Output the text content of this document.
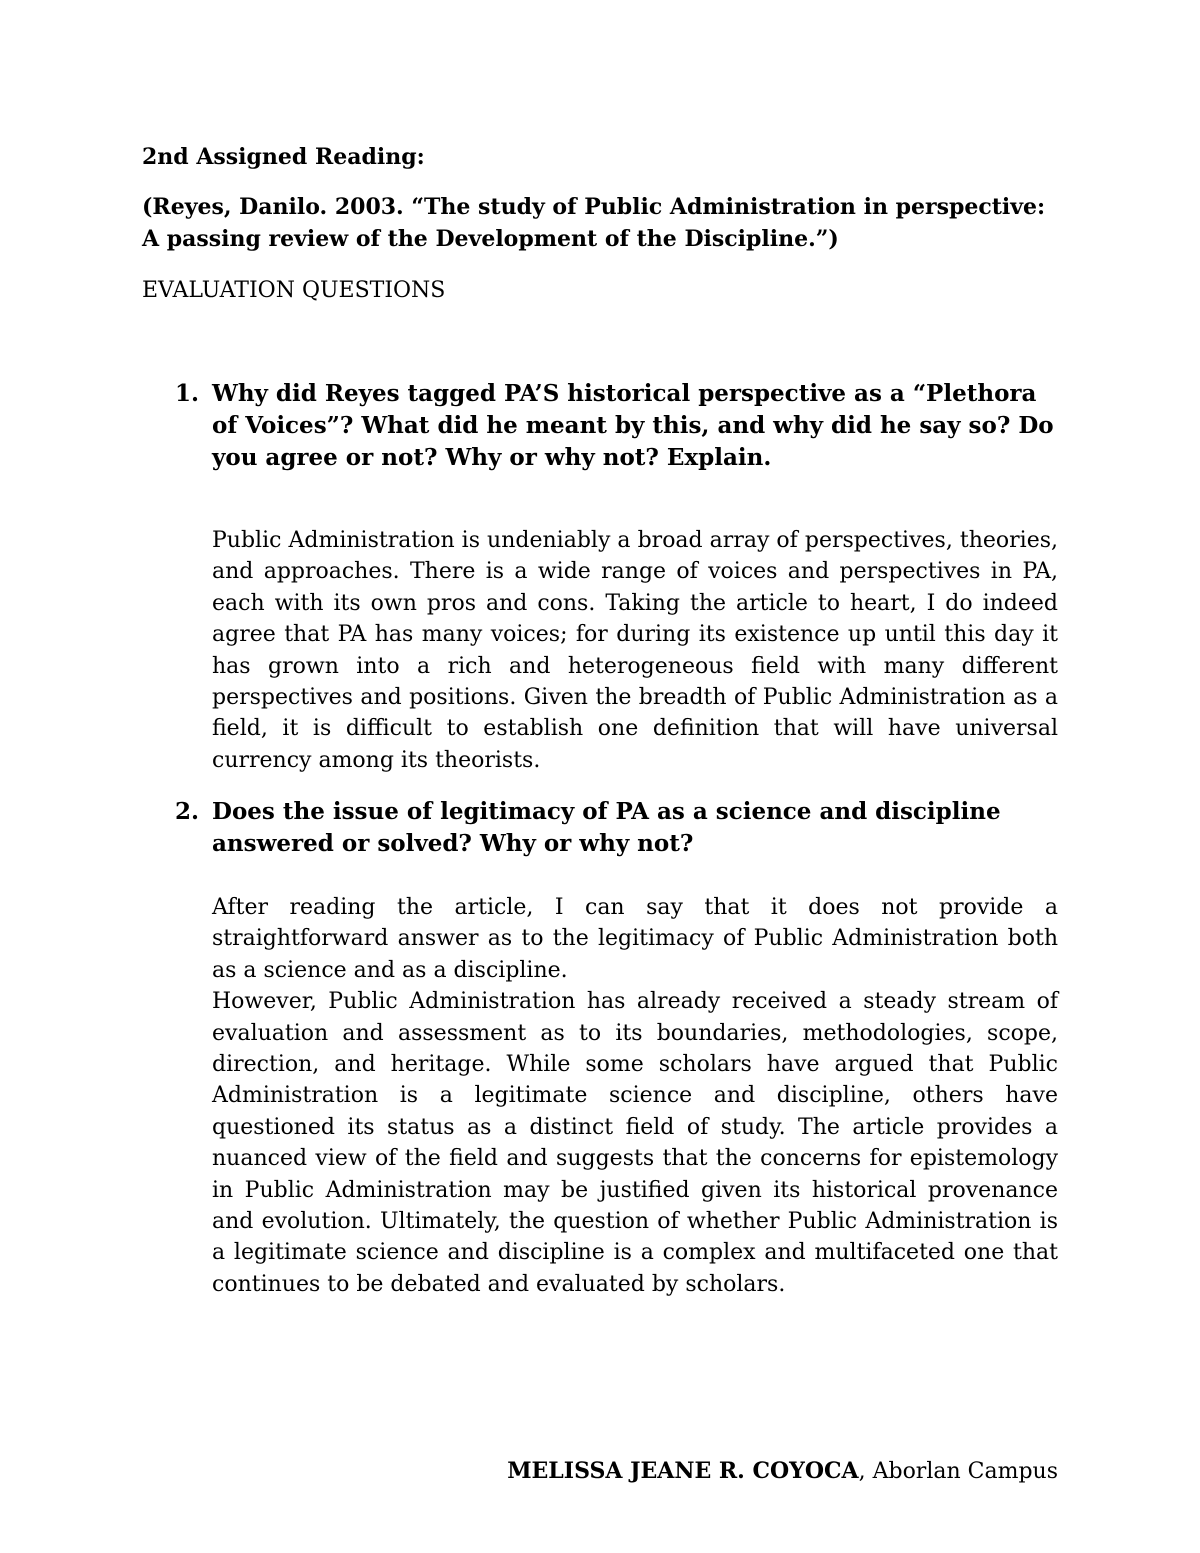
2nd Assigned Reading:

(Reyes, Danilo. 2003. “The study of Public Administration in perspective: A passing review of the Development of the Discipline.”)

EVALUATION QUESTIONS

1. Why did Reyes tagged PA’S historical perspective as a “Plethora of Voices”? What did he meant by this, and why did he say so? Do you agree or not? Why or why not? Explain.

Public Administration is undeniably a broad array of perspectives, theories, and approaches. There is a wide range of voices and perspectives in PA, each with its own pros and cons. Taking the article to heart, I do indeed agree that PA has many voices; for during its existence up until this day it has grown into a rich and heterogeneous field with many different perspectives and positions. Given the breadth of Public Administration as a field, it is difficult to establish one definition that will have universal currency among its theorists.

2. Does the issue of legitimacy of PA as a science and discipline answered or solved? Why or why not?

After reading the article, I can say that it does not provide a straightforward answer as to the legitimacy of Public Administration both as a science and as a discipline.

However, Public Administration has already received a steady stream of evaluation and assessment as to its boundaries, methodologies, scope, direction, and heritage. While some scholars have argued that Public Administration is a legitimate science and discipline, others have questioned its status as a distinct field of study. The article provides a nuanced view of the field and suggests that the concerns for epistemology in Public Administration may be justified given its historical provenance and evolution. Ultimately, the question of whether Public Administration is a legitimate science and discipline is a complex and multifaceted one that continues to be debated and evaluated by scholars.

MELISSA JEANE R. COYOCA, Aborlan Campus
